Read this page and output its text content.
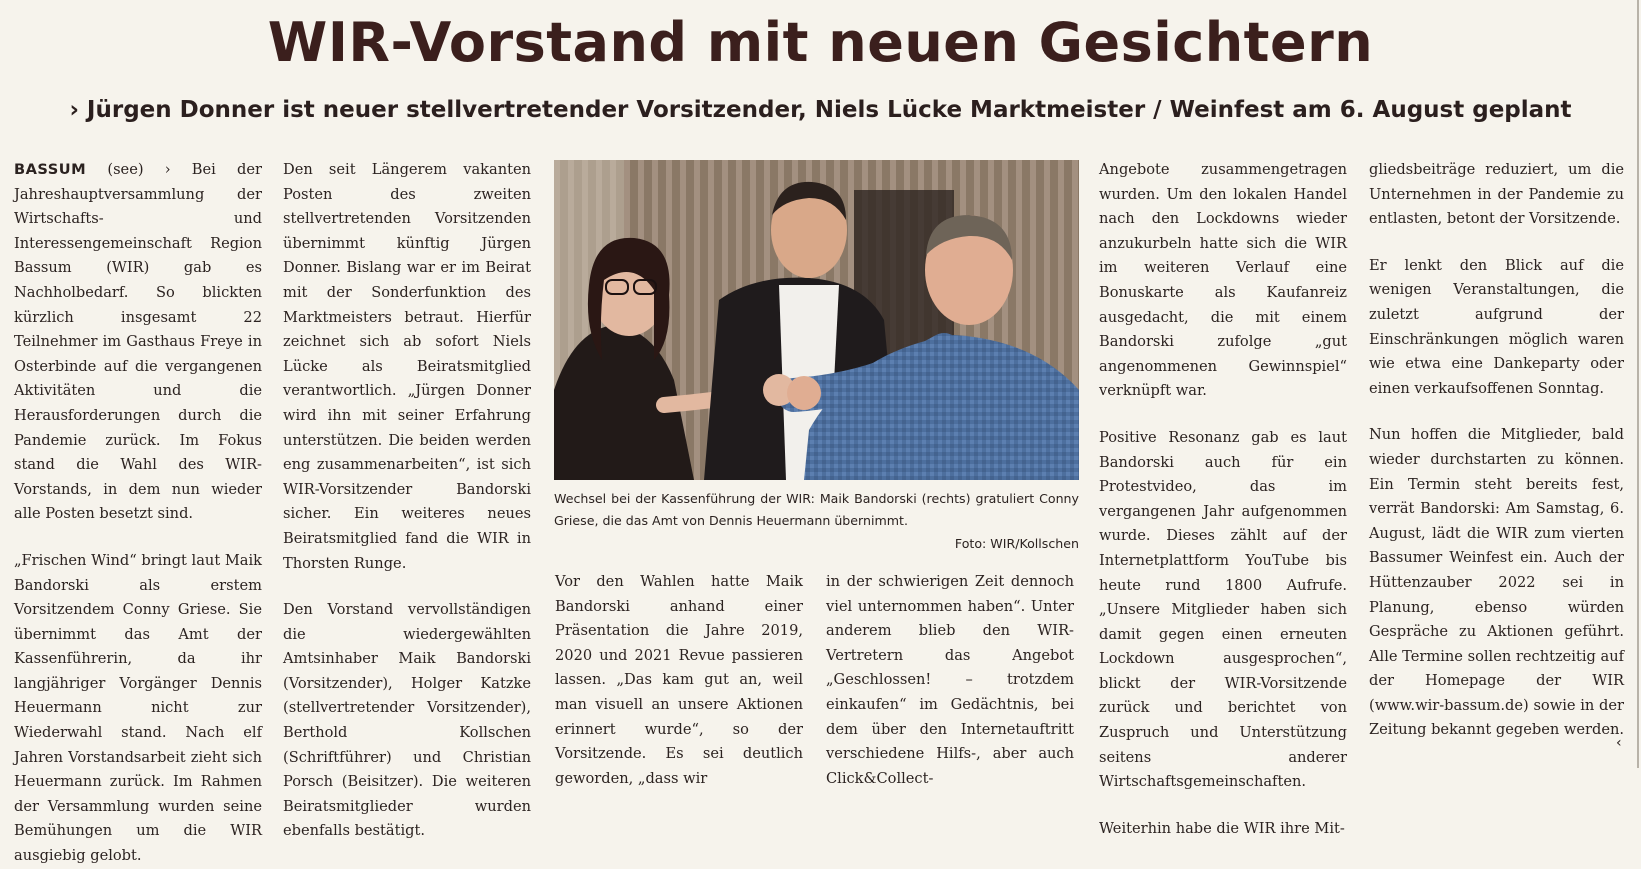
WIR-Vorstand mit neuen Gesichtern
› Jürgen Donner ist neuer stellvertretender Vorsitzender, Niels Lücke Marktmeister / Weinfest am 6. August geplant

BASSUM (see) › Bei der Jahreshauptversammlung der Wirtschafts- und Interessengemeinschaft Region Bassum (WIR) gab es Nachholbedarf. So blickten kürzlich insgesamt 22 Teilnehmer im Gasthaus Freye in Osterbinde auf die vergangenen Aktivitäten und die Herausforderungen durch die Pandemie zurück. Im Fokus stand die Wahl des WIR-Vorstands, in dem nun wieder alle Posten besetzt sind.

„Frischen Wind“ bringt laut Maik Bandorski als erstem Vorsitzendem Conny Griese. Sie übernimmt das Amt der Kassenführerin, da ihr langjähriger Vorgänger Dennis Heuermann nicht zur Wiederwahl stand. Nach elf Jahren Vorstandsarbeit zieht sich Heuermann zurück. Im Rahmen der Versammlung wurden seine Bemühungen um die WIR ausgiebig gelobt.

Den seit Längerem vakanten Posten des zweiten stellvertretenden Vorsitzenden übernimmt künftig Jürgen Donner. Bislang war er im Beirat mit der Sonderfunktion des Marktmeisters betraut. Hierfür zeichnet sich ab sofort Niels Lücke als Beiratsmitglied verantwortlich. „Jürgen Donner wird ihn mit seiner Erfahrung unterstützen. Die beiden werden eng zusammenarbeiten“, ist sich WIR-Vorsitzender Bandorski sicher. Ein weiteres neues Beiratsmitglied fand die WIR in Thorsten Runge.

Den Vorstand vervollständigen die wiedergewählten Amtsinhaber Maik Bandorski (Vorsitzender), Holger Katzke (stellvertretender Vorsitzender), Berthold Kollschen (Schriftführer) und Christian Porsch (Beisitzer). Die weiteren Beiratsmitglieder wurden ebenfalls bestätigt.

Wechsel bei der Kassenführung der WIR: Maik Bandorski (rechts) gratuliert Conny Griese, die das Amt von Dennis Heuermann übernimmt.
Foto: WIR/Kollschen

Vor den Wahlen hatte Maik Bandorski anhand einer Präsentation die Jahre 2019, 2020 und 2021 Revue passieren lassen. „Das kam gut an, weil man visuell an unsere Aktionen erinnert wurde“, so der Vorsitzende. Es sei deutlich geworden, „dass wir

in der schwierigen Zeit dennoch viel unternommen haben“. Unter anderem blieb den WIR-Vertretern das Angebot „Geschlossen! – trotzdem einkaufen“ im Gedächtnis, bei dem über den Internetauftritt verschiedene Hilfs-, aber auch Click&Collect-

Angebote zusammengetragen wurden. Um den lokalen Handel nach den Lockdowns wieder anzukurbeln hatte sich die WIR im weiteren Verlauf eine Bonuskarte als Kaufanreiz ausgedacht, die mit einem Bandorski zufolge „gut angenommenen Gewinnspiel“ verknüpft war.

Positive Resonanz gab es laut Bandorski auch für ein Protestvideo, das im vergangenen Jahr aufgenommen wurde. Dieses zählt auf der Internetplattform YouTube bis heute rund 1800 Aufrufe. „Unsere Mitglieder haben sich damit gegen einen erneuten Lockdown ausgesprochen“, blickt der WIR-Vorsitzende zurück und berichtet von Zuspruch und Unterstützung seitens anderer Wirtschaftsgemeinschaften.

Weiterhin habe die WIR ihre Mit-

gliedsbeiträge reduziert, um die Unternehmen in der Pandemie zu entlasten, betont der Vorsitzende.

Er lenkt den Blick auf die wenigen Veranstaltungen, die zuletzt aufgrund der Einschränkungen möglich waren wie etwa eine Dankeparty oder einen verkaufsoffenen Sonntag.

Nun hoffen die Mitglieder, bald wieder durchstarten zu können. Ein Termin steht bereits fest, verrät Bandorski: Am Samstag, 6. August, lädt die WIR zum vierten Bassumer Weinfest ein. Auch der Hüttenzauber 2022 sei in Planung, ebenso würden Gespräche zu Aktionen geführt. Alle Termine sollen rechtzeitig auf der Homepage der WIR (www.wir-bassum.de) sowie in der Zeitung bekannt gegeben werden.

‹
